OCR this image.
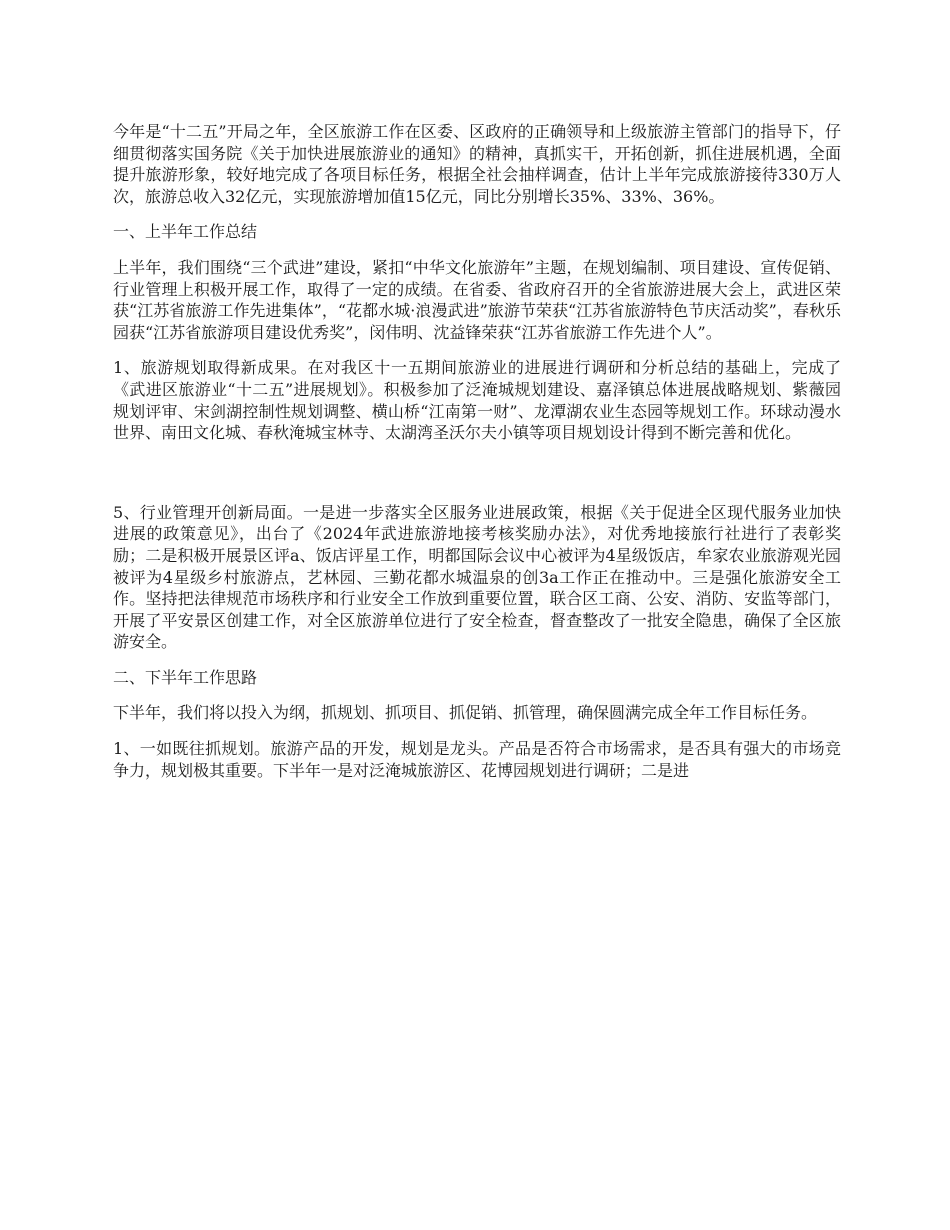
今年是“十二五”开局之年，全区旅游工作在区委、区政府的正确领导和上级旅游主管部门的指导下，仔细贯彻落实国务院《关于加快进展旅游业的通知》的精神，真抓实干，开拓创新，抓住进展机遇，全面提升旅游形象，较好地完成了各项目标任务，根据全社会抽样调查，估计上半年完成旅游接待330万人次，旅游总收入32亿元，实现旅游增加值15亿元，同比分别增长35%、33%、36%。

一、上半年工作总结

上半年，我们围绕“三个武进”建设，紧扣“中华文化旅游年”主题，在规划编制、项目建设、宣传促销、行业管理上积极开展工作，取得了一定的成绩。在省委、省政府召开的全省旅游进展大会上，武进区荣获“江苏省旅游工作先进集体”，“花都水城·浪漫武进”旅游节荣获“江苏省旅游特色节庆活动奖”，春秋乐园获“江苏省旅游项目建设优秀奖”，闵伟明、沈益锋荣获“江苏省旅游工作先进个人”。

1、旅游规划取得新成果。在对我区十一五期间旅游业的进展进行调研和分析总结的基础上，完成了《武进区旅游业“十二五”进展规划》。积极参加了泛淹城规划建设、嘉泽镇总体进展战略规划、紫薇园规划评审、宋剑湖控制性规划调整、横山桥“江南第一财”、龙潭湖农业生态园等规划工作。环球动漫水世界、南田文化城、春秋淹城宝林寺、太湖湾圣沃尔夫小镇等项目规划设计得到不断完善和优化。

5、行业管理开创新局面。一是进一步落实全区服务业进展政策，根据《关于促进全区现代服务业加快进展的政策意见》，出台了《2024年武进旅游地接考核奖励办法》，对优秀地接旅行社进行了表彰奖励；二是积极开展景区评a、饭店评星工作，明都国际会议中心被评为4星级饭店，牟家农业旅游观光园被评为4星级乡村旅游点，艺林园、三勤花都水城温泉的创3a工作正在推动中。三是强化旅游安全工作。坚持把法律规范市场秩序和行业安全工作放到重要位置，联合区工商、公安、消防、安监等部门，开展了平安景区创建工作，对全区旅游单位进行了安全检查，督查整改了一批安全隐患，确保了全区旅游安全。

二、下半年工作思路

下半年，我们将以投入为纲，抓规划、抓项目、抓促销、抓管理，确保圆满完成全年工作目标任务。

1、一如既往抓规划。旅游产品的开发，规划是龙头。产品是否符合市场需求，是否具有强大的市场竞争力，规划极其重要。下半年一是对泛淹城旅游区、花博园规划进行调研；二是进
